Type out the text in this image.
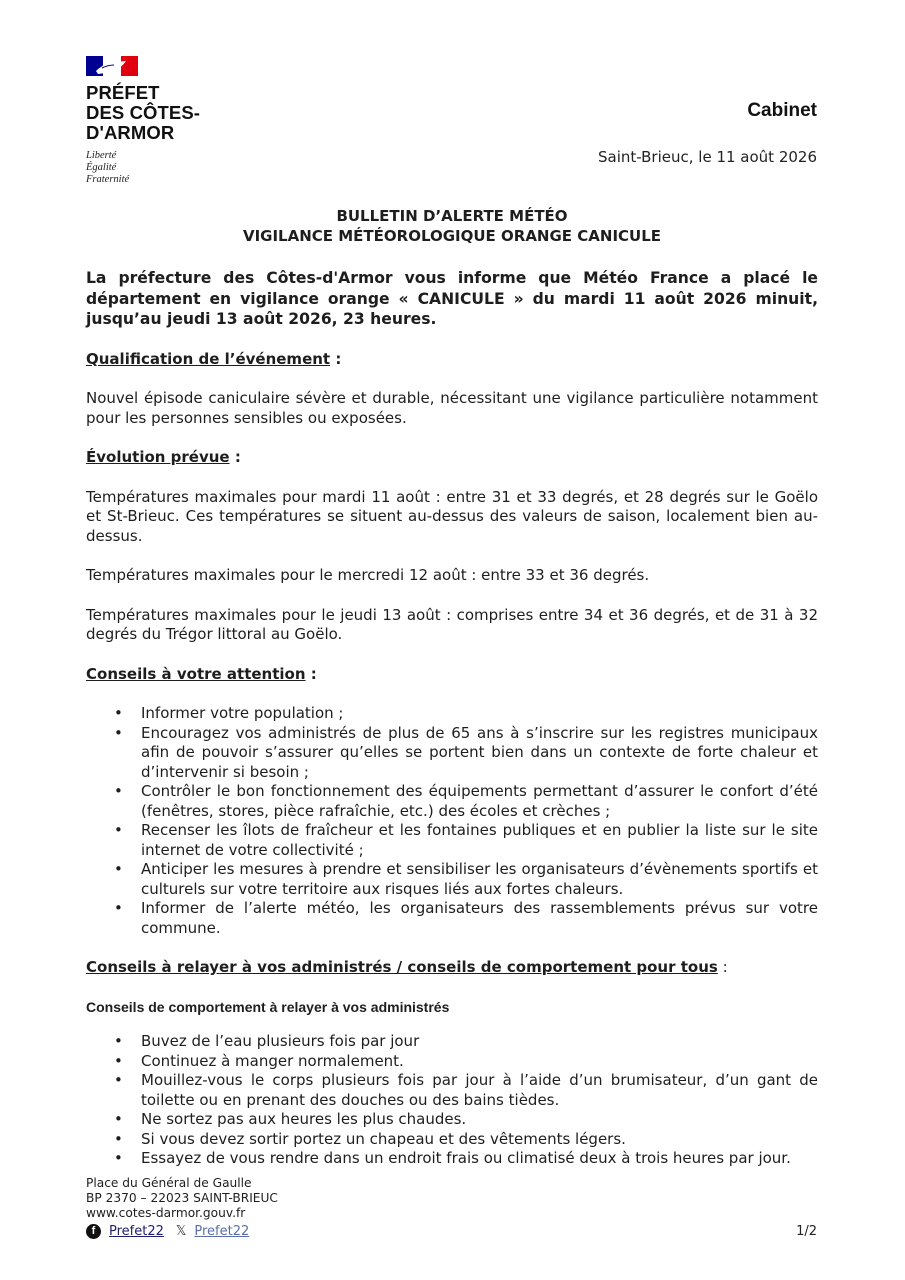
PRÉFET
DES CÔTES-
D'ARMOR
Liberté
Égalité
Fraternité
Cabinet
Saint-Brieuc, le 11 août 2026

BULLETIN D’ALERTE MÉTÉO
VIGILANCE MÉTÉOROLOGIQUE ORANGE CANICULE

La préfecture des Côtes-d'Armor vous informe que Météo France a placé le département en vigilance orange « CANICULE » du mardi 11 août 2026 minuit, jusqu’au jeudi 13 août 2026, 23 heures.

Qualification de l’événement :

Nouvel épisode caniculaire sévère et durable, nécessitant une vigilance particulière notamment pour les personnes sensibles ou exposées.

Évolution prévue :

Températures maximales pour mardi 11 août : entre 31 et 33 degrés, et 28 degrés sur le Goëlo et St-Brieuc. Ces températures se situent au-dessus des valeurs de saison, localement bien au-dessus.

Températures maximales pour le mercredi 12 août : entre 33 et 36 degrés.

Températures maximales pour le jeudi 13 août : comprises entre 34 et 36 degrés, et de 31 à 32 degrés du Trégor littoral au Goëlo.

Conseils à votre attention :

• Informer votre population ;
• Encouragez vos administrés de plus de 65 ans à s’inscrire sur les registres municipaux afin de pouvoir s’assurer qu’elles se portent bien dans un contexte de forte chaleur et d’intervenir si besoin ;
• Contrôler le bon fonctionnement des équipements permettant d’assurer le confort d’été (fenêtres, stores, pièce rafraîchie, etc.) des écoles et crèches ;
• Recenser les îlots de fraîcheur et les fontaines publiques et en publier la liste sur le site internet de votre collectivité ;
• Anticiper les mesures à prendre et sensibiliser les organisateurs d’évènements sportifs et culturels sur votre territoire aux risques liés aux fortes chaleurs.
• Informer de l’alerte météo, les organisateurs des rassemblements prévus sur votre commune.

Conseils à relayer à vos administrés / conseils de comportement pour tous :

Conseils de comportement à relayer à vos administrés

• Buvez de l’eau plusieurs fois par jour
• Continuez à manger normalement.
• Mouillez-vous le corps plusieurs fois par jour à l’aide d’un brumisateur, d’un gant de toilette ou en prenant des douches ou des bains tièdes.
• Ne sortez pas aux heures les plus chaudes.
• Si vous devez sortir portez un chapeau et des vêtements légers.
• Essayez de vous rendre dans un endroit frais ou climatisé deux à trois heures par jour.
Place du Général de Gaulle
BP 2370 – 22023 SAINT-BRIEUC
www.cotes-darmor.gouv.fr
f	Prefet22 𝕏 Prefet22	1/2
